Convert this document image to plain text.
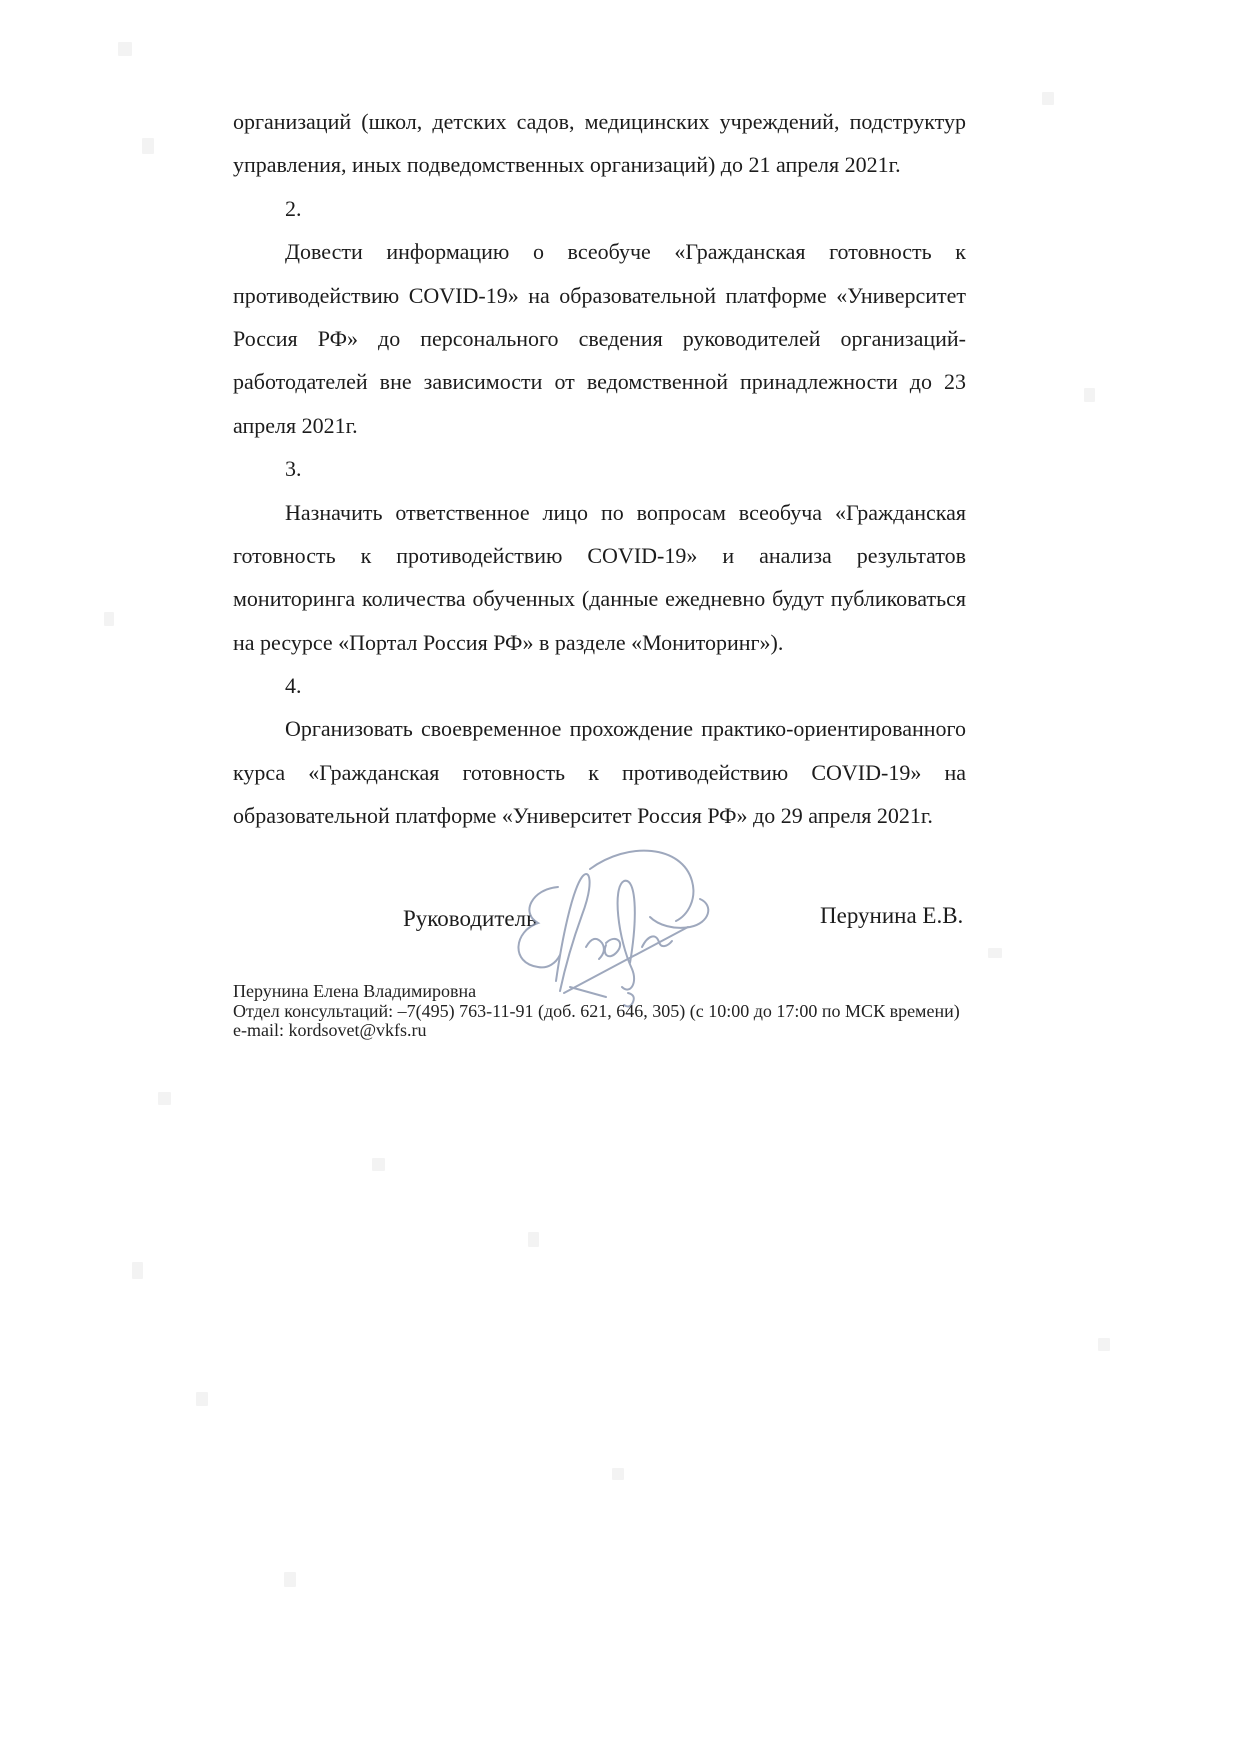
организаций (школ, детских садов, медицинских учреждений, подструктур
управления, иных подведомственных организаций) до 21 апреля 2021г.
2.
Довести информацию о всеобуче «Гражданская готовность к
противодействию COVID-19» на образовательной платформе «Университет
Россия РФ» до персонального сведения руководителей организаций-
работодателей вне зависимости от ведомственной принадлежности до 23
апреля 2021г.
3.
Назначить ответственное лицо по вопросам всеобуча «Гражданская
готовность к противодействию COVID-19» и анализа результатов
мониторинга количества обученных (данные ежедневно будут публиковаться
на ресурсе «Портал Россия РФ» в разделе «Мониторинг»).
4.
Организовать своевременное прохождение практико-ориентированного
курса «Гражданская готовность к противодействию COVID-19» на
образовательной платформе «Университет Россия РФ» до 29 апреля 2021г.
Руководитель	Перунина Е.В.
Перунина Елена Владимировна
Отдел консультаций: –7(495) 763-11-91 (доб. 621, 646, 305) (с 10:00 до 17:00 по МСК времени)
e-mail: kordsovet@vkfs.ru
